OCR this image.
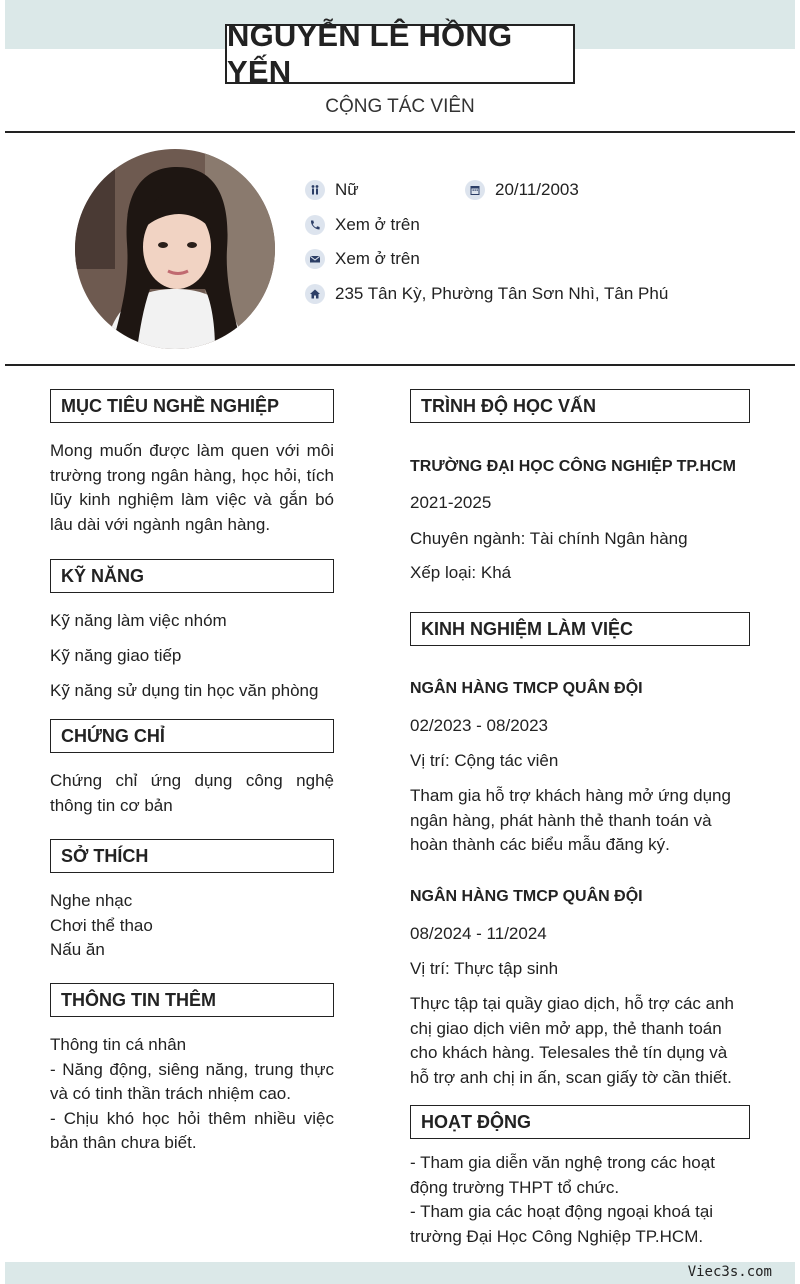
NGUYỄN LÊ HỒNG YẾN
CỘNG TÁC VIÊN
Nữ	20/11/2003
Xem ở trên
Xem ở trên
235 Tân Kỳ, Phường Tân Sơn Nhì, Tân Phú
MỤC TIÊU NGHỀ NGHIỆP
Mong muốn được làm quen với môi
trường trong ngân hàng, học hỏi, tích
lũy kinh nghiệm làm việc và gắn bó
lâu dài với ngành ngân hàng.
KỸ NĂNG
Kỹ năng làm việc nhóm
Kỹ năng giao tiếp
Kỹ năng sử dụng tin học văn phòng
CHỨNG CHỈ
Chứng chỉ ứng dụng công nghệ
thông tin cơ bản
SỞ THÍCH
Nghe nhạc
Chơi thể thao
Nấu ăn
THÔNG TIN THÊM
Thông tin cá nhân
- Năng động, siêng năng, trung thực
và có tinh thần trách nhiệm cao.
- Chịu khó học hỏi thêm nhiều việc
bản thân chưa biết.
TRÌNH ĐỘ HỌC VẤN
TRƯỜNG ĐẠI HỌC CÔNG NGHIỆP TP.HCM
2021-2025
Chuyên ngành: Tài chính Ngân hàng
Xếp loại: Khá
KINH NGHIỆM LÀM VIỆC
NGÂN HÀNG TMCP QUÂN ĐỘI
02/2023 - 08/2023
Vị trí: Cộng tác viên
Tham gia hỗ trợ khách hàng mở ứng dụng
ngân hàng, phát hành thẻ thanh toán và
hoàn thành các biểu mẫu đăng ký.
NGÂN HÀNG TMCP QUÂN ĐỘI
08/2024 - 11/2024
Vị trí: Thực tập sinh
Thực tập tại quầy giao dịch, hỗ trợ các anh
chị giao dịch viên mở app, thẻ thanh toán
cho khách hàng. Telesales thẻ tín dụng và
hỗ trợ anh chị in ấn, scan giấy tờ cần thiết.
HOẠT ĐỘNG
- Tham gia diễn văn nghệ trong các hoạt
động trường THPT tổ chức.
- Tham gia các hoạt động ngoại khoá tại
trường Đại Học Công Nghiệp TP.HCM.
Viec3s.com
